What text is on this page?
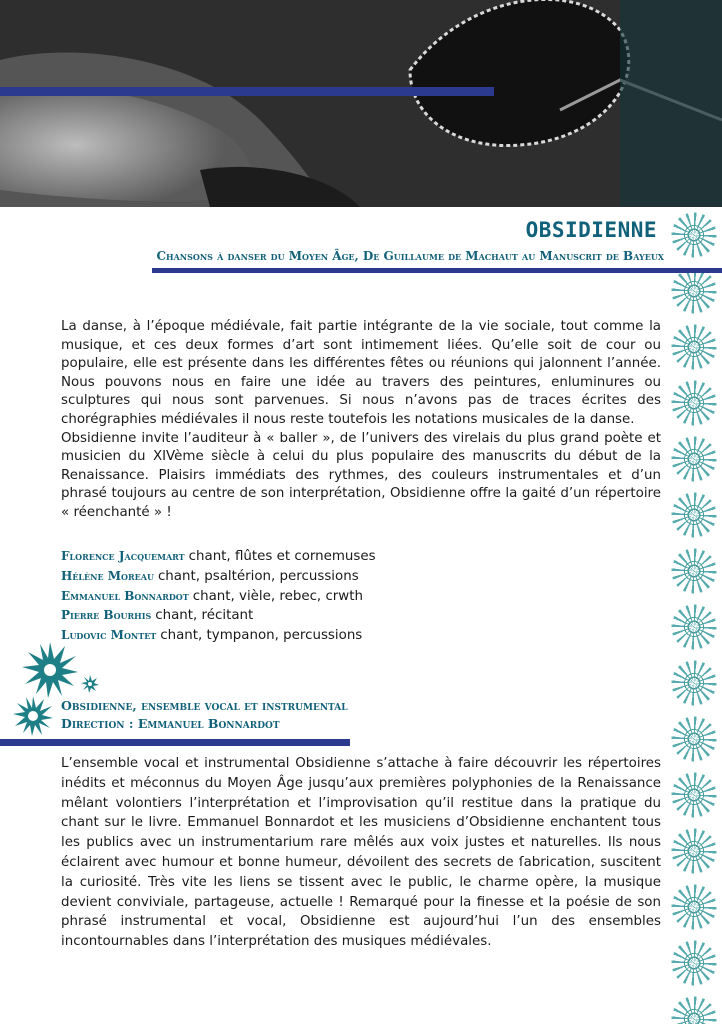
OBSIDIENNE

Chansons à danser du Moyen Âge, De Guillaume de Machaut au Manuscrit de Bayeux

La danse, à l’époque médiévale, fait partie intégrante de la vie sociale, tout comme la musique, et ces deux formes d’art sont intimement liées. Qu’elle soit de cour ou populaire, elle est présente dans les différentes fêtes ou réunions qui jalonnent l’année. Nous pouvons nous en faire une idée au travers des peintures, enluminures ou sculptures qui nous sont parvenues. Si nous n’avons pas de traces écrites des chorégraphies médiévales il nous reste toutefois les notations musicales de la danse.

Obsidienne invite l’auditeur à « baller », de l’univers des virelais du plus grand poète et musicien du XIVème siècle à celui du plus populaire des manuscrits du début de la Renaissance. Plaisirs immédiats des rythmes, des couleurs instrumentales et d’un phrasé toujours au centre de son interprétation, Obsidienne offre la gaité d’un répertoire « réenchanté » !

Florence Jacquemart chant, flûtes et cornemuses
Hélène Moreau chant, psaltérion, percussions
Emmanuel Bonnardot chant, vièle, rebec, crwth
Pierre Bourhis chant, récitant
Ludovic Montet chant, tympanon, percussions
Obsidienne, ensemble vocal et instrumental
Direction : Emmanuel Bonnardot

L’ensemble vocal et instrumental Obsidienne s’attache à faire découvrir les répertoires inédits et méconnus du Moyen Âge jusqu’aux premières polyphonies de la Renaissance mêlant volontiers l’interprétation et l’improvisation qu’il restitue dans la pratique du chant sur le livre. Emmanuel Bonnardot et les musiciens d’Obsidienne enchantent tous les publics avec un instrumentarium rare mêlés aux voix justes et naturelles. Ils nous éclairent avec humour et bonne humeur, dévoilent des secrets de ſabrication, suscitent la curiosité. Très vite les liens se tissent avec le public, le charme opère, la musique devient conviviale, partageuse, actuelle ! Remarqué pour la finesse et la poésie de son phrasé instrumental et vocal, Obsidienne est aujourd’hui l’un des ensembles incontournables dans l’interprétation des musiques médiévales.
